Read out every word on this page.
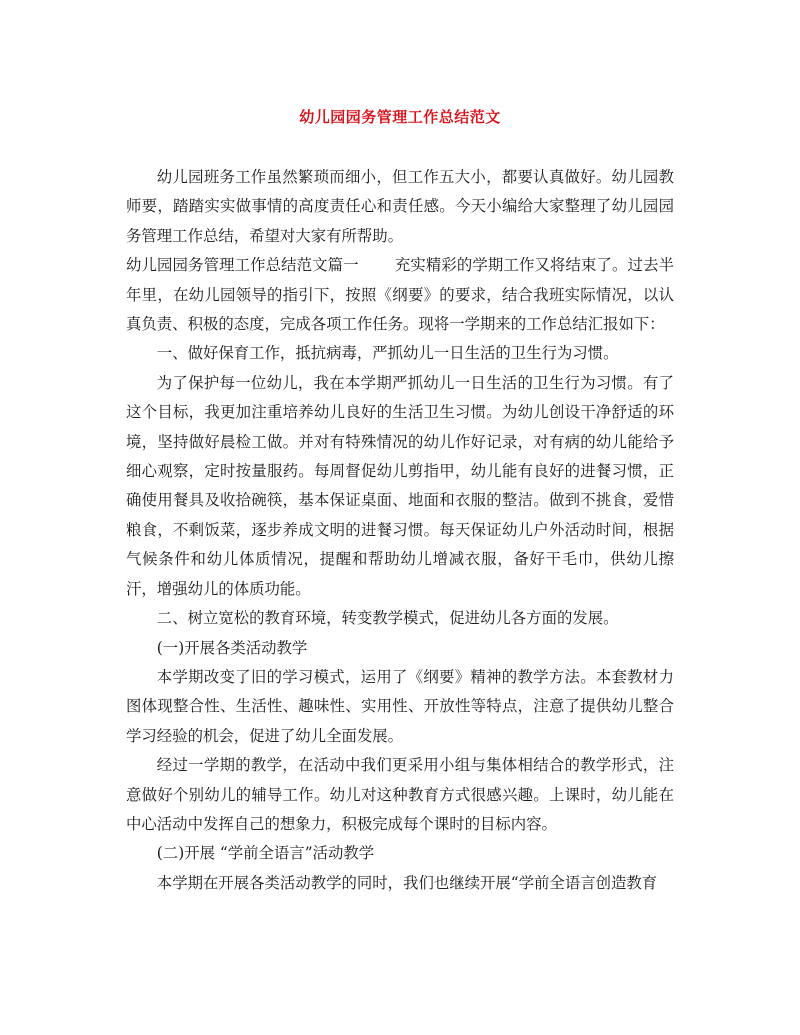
幼儿园园务管理工作总结范文

幼儿园班务工作虽然繁琐而细小，但工作五大小，都要认真做好。幼儿园教师要，踏踏实实做事情的高度责任心和责任感。今天小编给大家整理了幼儿园园务管理工作总结，希望对大家有所帮助。

幼儿园园务管理工作总结范文篇一 充实精彩的学期工作又将结束了。过去半年里，在幼儿园领导的指引下，按照《纲要》的要求，结合我班实际情况，以认真负责、积极的态度，完成各项工作任务。现将一学期来的工作总结汇报如下：

一、做好保育工作，抵抗病毒，严抓幼儿一日生活的卫生行为习惯。

为了保护每一位幼儿，我在本学期严抓幼儿一日生活的卫生行为习惯。有了这个目标，我更加注重培养幼儿良好的生活卫生习惯。为幼儿创设干净舒适的环境，坚持做好晨检工做。并对有特殊情况的幼儿作好记录，对有病的幼儿能给予细心观察，定时按量服药。每周督促幼儿剪指甲，幼儿能有良好的进餐习惯，正确使用餐具及收拾碗筷，基本保证桌面、地面和衣服的整洁。做到不挑食，爱惜粮食，不剩饭菜，逐步养成文明的进餐习惯。每天保证幼儿户外活动时间，根据气候条件和幼儿体质情况，提醒和帮助幼儿增减衣服，备好干毛巾，供幼儿擦汗，增强幼儿的体质功能。

二、树立宽松的教育环境，转变教学模式，促进幼儿各方面的发展。

(一)开展各类活动教学

本学期改变了旧的学习模式，运用了《纲要》精神的教学方法。本套教材力图体现整合性、生活性、趣味性、实用性、开放性等特点，注意了提供幼儿整合学习经验的机会，促进了幼儿全面发展。

经过一学期的教学，在活动中我们更采用小组与集体相结合的教学形式，注意做好个别幼儿的辅导工作。幼儿对这种教育方式很感兴趣。上课时，幼儿能在中心活动中发挥自己的想象力，积极完成每个课时的目标内容。

(二)开展 “学前全语言”活动教学

本学期在开展各类活动教学的同时，我们也继续开展“学前全语言创造教育
